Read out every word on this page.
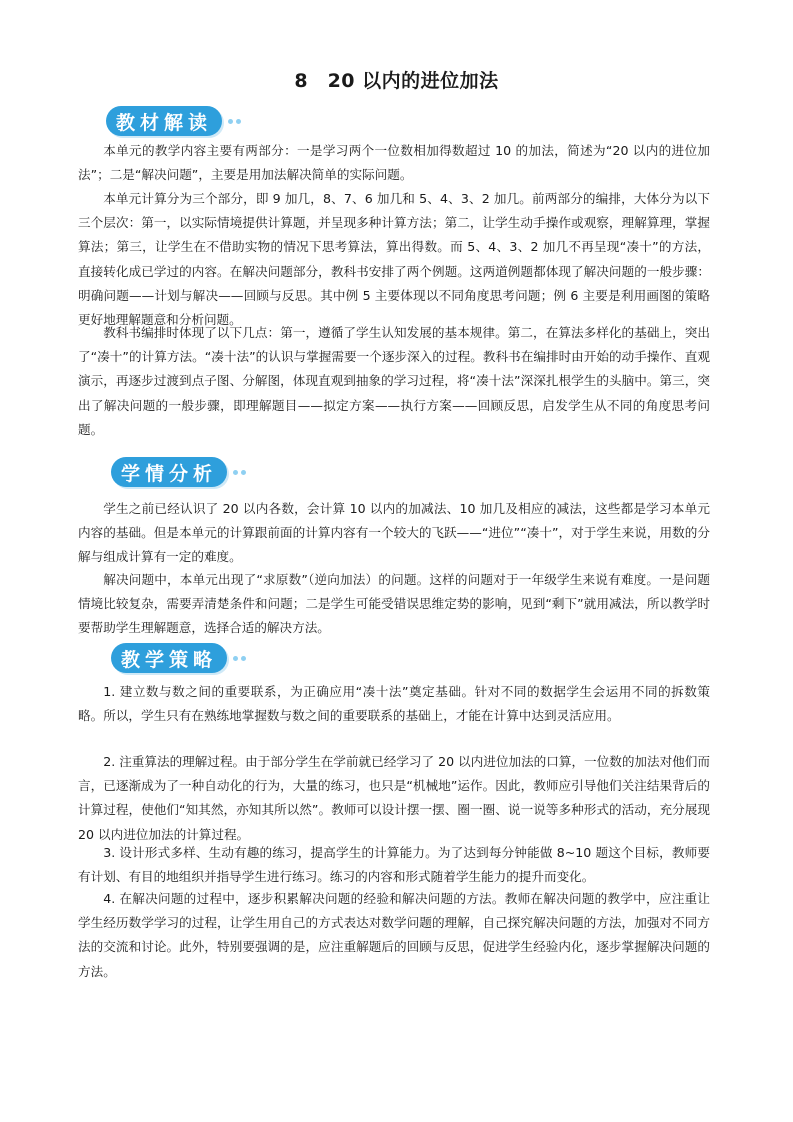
8　20 以内的进位加法
教材解读

本单元的教学内容主要有两部分：一是学习两个一位数相加得数超过 10 的加法，简述为“20 以内的进位加法”；二是“解决问题”，主要是用加法解决简单的实际问题。

本单元计算分为三个部分，即 9 加几，8、7、6 加几和 5、4、3、2 加几。前两部分的编排，大体分为以下三个层次：第一，以实际情境提供计算题，并呈现多种计算方法；第二，让学生动手操作或观察，理解算理，掌握算法；第三，让学生在不借助实物的情况下思考算法，算出得数。而 5、4、3、2 加几不再呈现“凑十”的方法，直接转化成已学过的内容。在解决问题部分，教科书安排了两个例题。这两道例题都体现了解决问题的一般步骤：明确问题——计划与解决——回顾与反思。其中例 5 主要体现以不同角度思考问题；例 6 主要是利用画图的策略更好地理解题意和分析问题。

教科书编排时体现了以下几点：第一，遵循了学生认知发展的基本规律。第二，在算法多样化的基础上，突出了“凑十”的计算方法。“凑十法”的认识与掌握需要一个逐步深入的过程。教科书在编排时由开始的动手操作、直观演示，再逐步过渡到点子图、分解图，体现直观到抽象的学习过程，将“凑十法”深深扎根学生的头脑中。第三，突出了解决问题的一般步骤，即理解题目——拟定方案——执行方案——回顾反思，启发学生从不同的角度思考问题。

学情分析

学生之前已经认识了 20 以内各数，会计算 10 以内的加减法、10 加几及相应的减法，这些都是学习本单元内容的基础。但是本单元的计算跟前面的计算内容有一个较大的飞跃——“进位”“凑十”，对于学生来说，用数的分解与组成计算有一定的难度。

解决问题中，本单元出现了“求原数”（逆向加法）的问题。这样的问题对于一年级学生来说有难度。一是问题情境比较复杂，需要弄清楚条件和问题；二是学生可能受错误思维定势的影响，见到“剩下”就用减法，所以教学时要帮助学生理解题意，选择合适的解决方法。

教学策略

1. 建立数与数之间的重要联系，为正确应用“凑十法”奠定基础。针对不同的数据学生会运用不同的拆数策略。所以，学生只有在熟练地掌握数与数之间的重要联系的基础上，才能在计算中达到灵活应用。

2. 注重算法的理解过程。由于部分学生在学前就已经学习了 20 以内进位加法的口算，一位数的加法对他们而言，已逐渐成为了一种自动化的行为，大量的练习，也只是“机械地”运作。因此，教师应引导他们关注结果背后的计算过程，使他们“知其然，亦知其所以然”。教师可以设计摆一摆、圈一圈、说一说等多种形式的活动，充分展现 20 以内进位加法的计算过程。

3. 设计形式多样、生动有趣的练习，提高学生的计算能力。为了达到每分钟能做 8~10 题这个目标，教师要有计划、有目的地组织并指导学生进行练习。练习的内容和形式随着学生能力的提升而变化。

4. 在解决问题的过程中，逐步积累解决问题的经验和解决问题的方法。教师在解决问题的教学中，应注重让学生经历数学学习的过程，让学生用自己的方式表达对数学问题的理解，自己探究解决问题的方法，加强对不同方法的交流和讨论。此外，特别要强调的是，应注重解题后的回顾与反思，促进学生经验内化，逐步掌握解决问题的方法。
